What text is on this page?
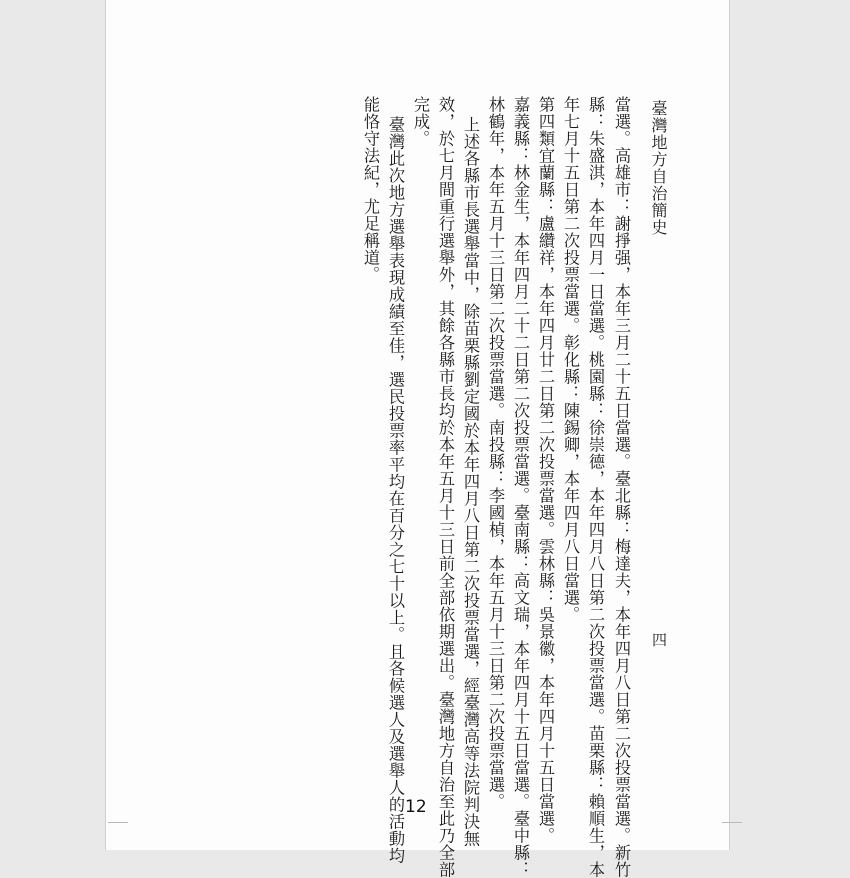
臺灣地方自治簡史
四
當選。高雄市：謝掙强，本年三月二十五日當選。臺北縣：梅達夫，本年四月八日第二次投票當選。新竹
縣：朱盛淇，本年四月一日當選。桃園縣：徐崇德，本年四月八日第二次投票當選。苗栗縣：賴順生，本
年七月十五日第二次投票當選。彰化縣：陳錫卿，本年四月八日當選。
第四類宜蘭縣：盧纘祥，本年四月廿二日第二次投票當選。雲林縣：吳景徽，本年四月十五日當選。
嘉義縣：林金生，本年四月二十二日第二次投票當選。臺南縣：高文瑞，本年四月十五日當選。臺中縣：
林鶴年，本年五月十三日第二次投票當選。南投縣：李國楨，本年五月十三日第二次投票當選。
上述各縣市長選舉當中，除苗栗縣劉定國於本年四月八日第二次投票當選，經臺灣高等法院判決無
效，於七月間重行選舉外，其餘各縣市長均於本年五月十三日前全部依期選出。臺灣地方自治至此乃全部
完成。
臺灣此次地方選舉表現成績至佳，選民投票率平均在百分之七十以上。且各候選人及選舉人的活動均
能恪守法紀，尤足稱道。
12
